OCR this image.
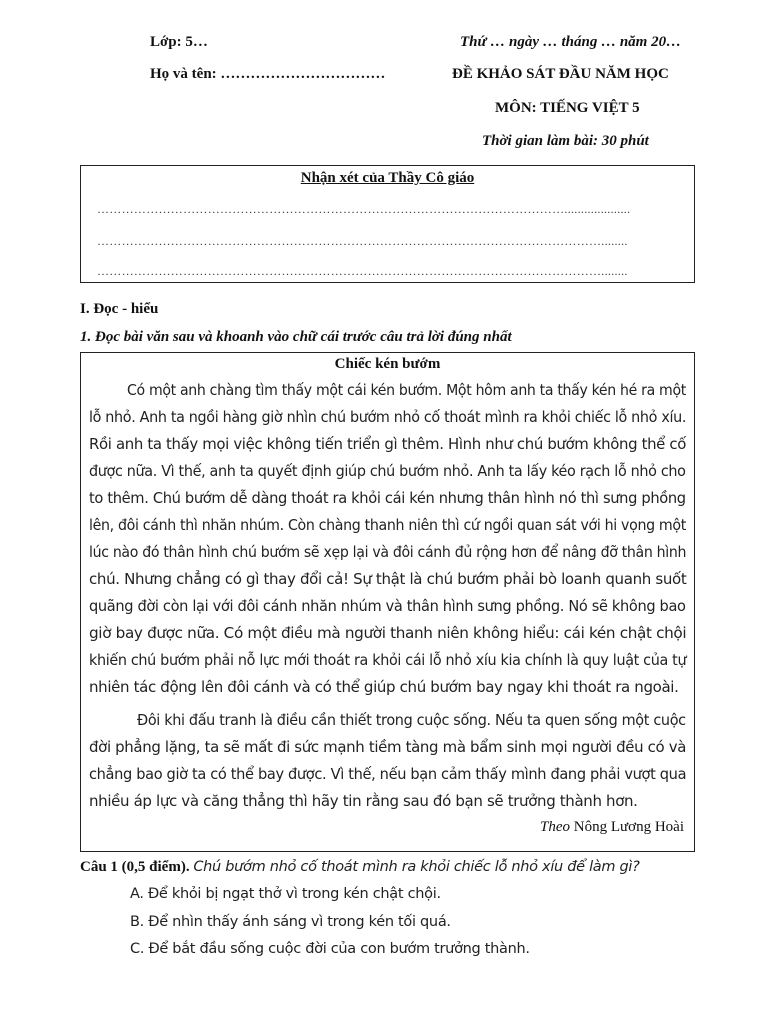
Lớp: 5…	Thứ … ngày … tháng … năm 20…
Họ và tên: ……………………………	ĐỀ KHẢO SÁT ĐẦU NĂM HỌC
MÔN: TIẾNG VIỆT 5
Thời gian làm bài: 30 phút
Nhận xét của Thầy Cô giáo
……………………………………………………………………………………………………....................
……………………………………………………………………………………………………………........
……………………………………………………………………………………………………………........
I. Đọc - hiểu
1. Đọc bài văn sau và khoanh vào chữ cái trước câu trả lời đúng nhất
Chiếc kén bướm
Có một anh chàng tìm thấy một cái kén bướm. Một hôm anh ta thấy kén hé ra một
lỗ nhỏ. Anh ta ngồi hàng giờ nhìn chú bướm nhỏ cố thoát mình ra khỏi chiếc lỗ nhỏ xíu.
Rồi anh ta thấy mọi việc không tiến triển gì thêm. Hình như chú bướm không thể cố
được nữa. Vì thế, anh ta quyết định giúp chú bướm nhỏ. Anh ta lấy kéo rạch lỗ nhỏ cho
to thêm. Chú bướm dễ dàng thoát ra khỏi cái kén nhưng thân hình nó thì sưng phồng
lên, đôi cánh thì nhăn nhúm. Còn chàng thanh niên thì cứ ngồi quan sát với hi vọng một
lúc nào đó thân hình chú bướm sẽ xẹp lại và đôi cánh đủ rộng hơn để nâng đỡ thân hình
chú. Nhưng chẳng có gì thay đổi cả! Sự thật là chú bướm phải bò loanh quanh suốt
quãng đời còn lại với đôi cánh nhăn nhúm và thân hình sưng phồng. Nó sẽ không bao
giờ bay được nữa. Có một điều mà người thanh niên không hiểu: cái kén chật chội
khiến chú bướm phải nỗ lực mới thoát ra khỏi cái lỗ nhỏ xíu kia chính là quy luật của tự
nhiên tác động lên đôi cánh và có thể giúp chú bướm bay ngay khi thoát ra ngoài.
Đôi khi đấu tranh là điều cần thiết trong cuộc sống. Nếu ta quen sống một cuộc
đời phẳng lặng, ta sẽ mất đi sức mạnh tiềm tàng mà bẩm sinh mọi người đều có và
chẳng bao giờ ta có thể bay được. Vì thế, nếu bạn cảm thấy mình đang phải vượt qua
nhiều áp lực và căng thẳng thì hãy tin rằng sau đó bạn sẽ trưởng thành hơn.
Theo Nông Lương Hoài
Câu 1 (0,5 điểm). Chú bướm nhỏ cố thoát mình ra khỏi chiếc lỗ nhỏ xíu để làm gì?
A. Để khỏi bị ngạt thở vì trong kén chật chội.
B. Để nhìn thấy ánh sáng vì trong kén tối quá.
C. Để bắt đầu sống cuộc đời của con bướm trưởng thành.
